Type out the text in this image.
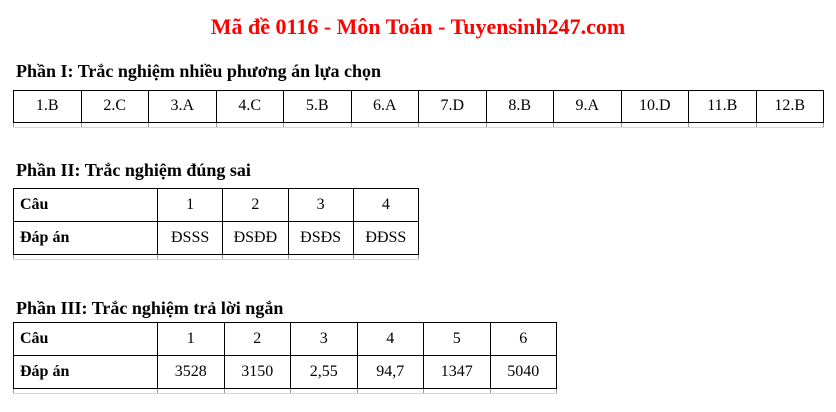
Mã đề 0116 - Môn Toán - Tuyensinh247.com
Phần I: Trắc nghiệm nhiều phương án lựa chọn
1.B	2.C	3.A	4.C	5.B	6.A	7.D	8.B	9.A	10.D	11.B	12.B

Phần II: Trắc nghiệm đúng sai
Câu	1	2	3	4
Đáp án	ĐSSS	ĐSĐĐ	ĐSĐS	ĐĐSS

Phần III: Trắc nghiệm trả lời ngắn
Câu	1	2	3	4	5	6
Đáp án	3528	3150	2,55	94,7	1347	5040
